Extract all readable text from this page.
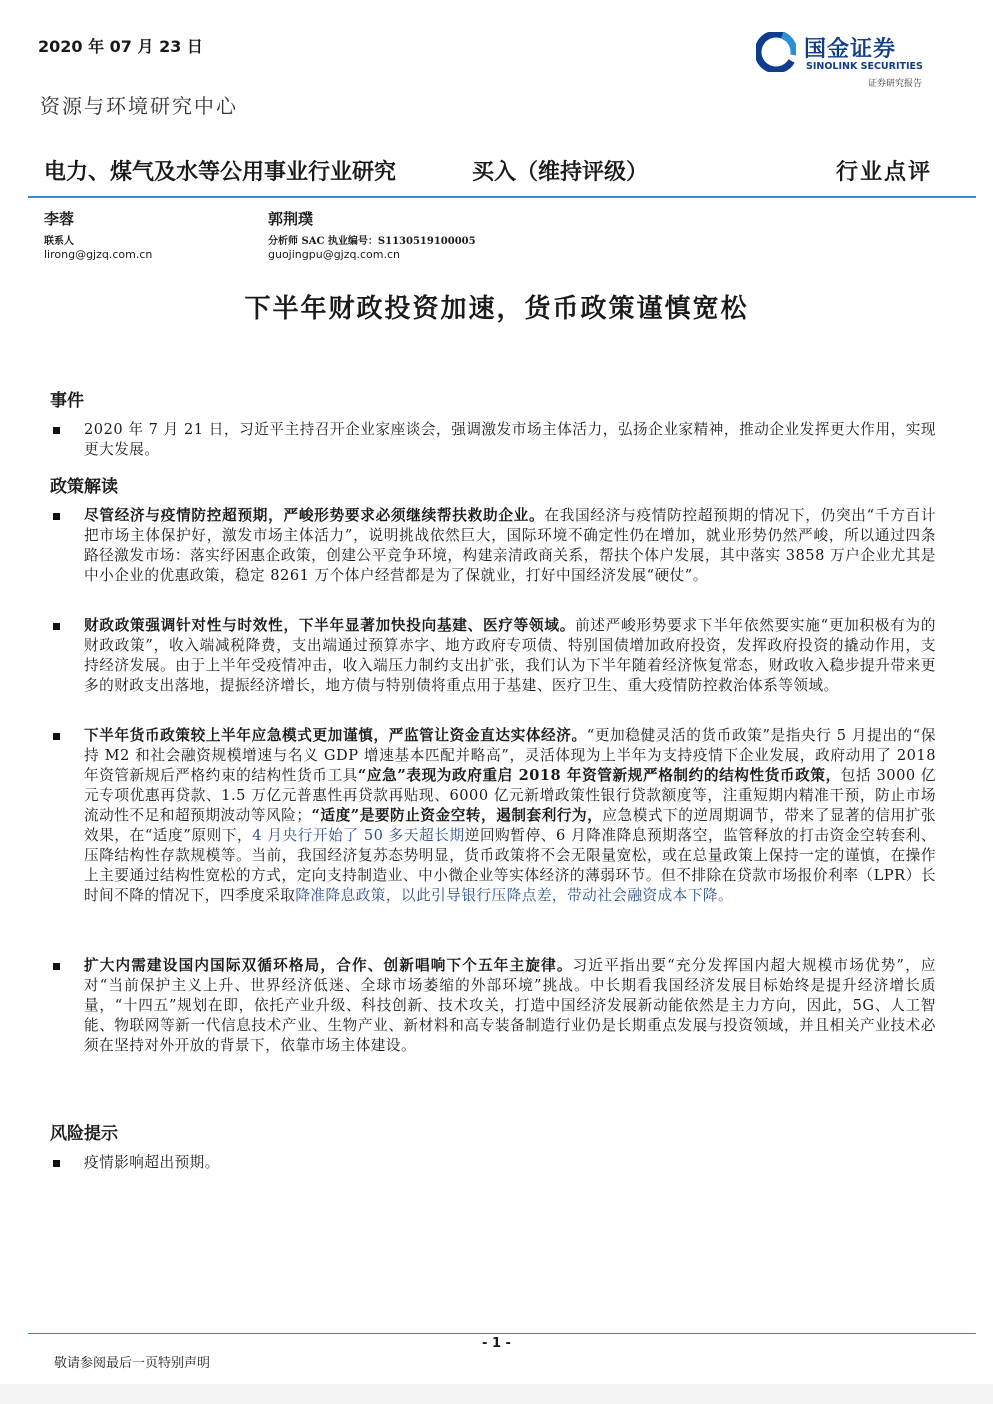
2020 年 07 月 23 日	国金证券
SINOLINK SECURITIES
证券研究报告
资源与环境研究中心
电力、煤气及水等公用事业行业研究	买入（维持评级）	行业点评
李蓉
联系人
lirong@gjzq.com.cn
郭荆璞
分析师 SAC 执业编号：S1130519100005
guojingpu@gjzq.com.cn
下半年财政投资加速，货币政策谨慎宽松
事件
2020 年 7 月 21 日，习近平主持召开企业家座谈会，强调激发市场主体活力，弘扬企业家精神，推动企业发挥更大作用，实现更大发展。
政策解读
尽管经济与疫情防控超预期，严峻形势要求必须继续帮扶救助企业。在我国经济与疫情防控超预期的情况下，仍突出“千方百计把市场主体保护好，激发市场主体活力”，说明挑战依然巨大，国际环境不确定性仍在增加，就业形势仍然严峻，所以通过四条路径激发市场：落实纾困惠企政策，创建公平竞争环境，构建亲清政商关系，帮扶个体户发展，其中落实 3858 万户企业尤其是中小企业的优惠政策，稳定 8261 万个体户经营都是为了保就业，打好中国经济发展“硬仗”。
财政政策强调针对性与时效性，下半年显著加快投向基建、医疗等领域。前述严峻形势要求下半年依然要实施“更加积极有为的财政政策”，收入端减税降费，支出端通过预算赤字、地方政府专项债、特别国债增加政府投资，发挥政府投资的撬动作用，支持经济发展。由于上半年受疫情冲击，收入端压力制约支出扩张，我们认为下半年随着经济恢复常态，财政收入稳步提升带来更多的财政支出落地，提振经济增长，地方债与特别债将重点用于基建、医疗卫生、重大疫情防控救治体系等领域。
下半年货币政策较上半年应急模式更加谨慎，严监管让资金直达实体经济。“更加稳健灵活的货币政策”是指央行 5 月提出的“保持 M2 和社会融资规模增速与名义 GDP 增速基本匹配并略高”，灵活体现为上半年为支持疫情下企业发展，政府动用了 2018 年资管新规后严格约束的结构性货币工具“应急”表现为政府重启 2018 年资管新规严格制约的结构性货币政策，包括 3000 亿元专项优惠再贷款、1.5 万亿元普惠性再贷款再贴现、6000 亿元新增政策性银行贷款额度等，注重短期内精准干预，防止市场流动性不足和超预期波动等风险；“适度”是要防止资金空转，遏制套利行为，应急模式下的逆周期调节，带来了显著的信用扩张效果，在“适度”原则下，4 月央行开始了 50 多天超长期逆回购暂停、6 月降准降息预期落空，监管释放的打击资金空转套利、压降结构性存款规模等。当前，我国经济复苏态势明显，货币政策将不会无限量宽松，或在总量政策上保持一定的谨慎，在操作上主要通过结构性宽松的方式，定向支持制造业、中小微企业等实体经济的薄弱环节。但不排除在贷款市场报价利率（LPR）长时间不降的情况下，四季度采取降准降息政策，以此引导银行压降点差，带动社会融资成本下降。
扩大内需建设国内国际双循环格局，合作、创新唱响下个五年主旋律。习近平指出要“充分发挥国内超大规模市场优势”，应对“当前保护主义上升、世界经济低迷、全球市场萎缩的外部环境”挑战。中长期看我国经济发展目标始终是提升经济增长质量，“十四五”规划在即，依托产业升级、科技创新、技术攻关，打造中国经济发展新动能依然是主力方向，因此，5G、人工智能、物联网等新一代信息技术产业、生物产业、新材料和高专装备制造行业仍是长期重点发展与投资领域，并且相关产业技术必须在坚持对外开放的背景下，依靠市场主体建设。
风险提示
疫情影响超出预期。
- 1 -
敬请参阅最后一页特别声明
